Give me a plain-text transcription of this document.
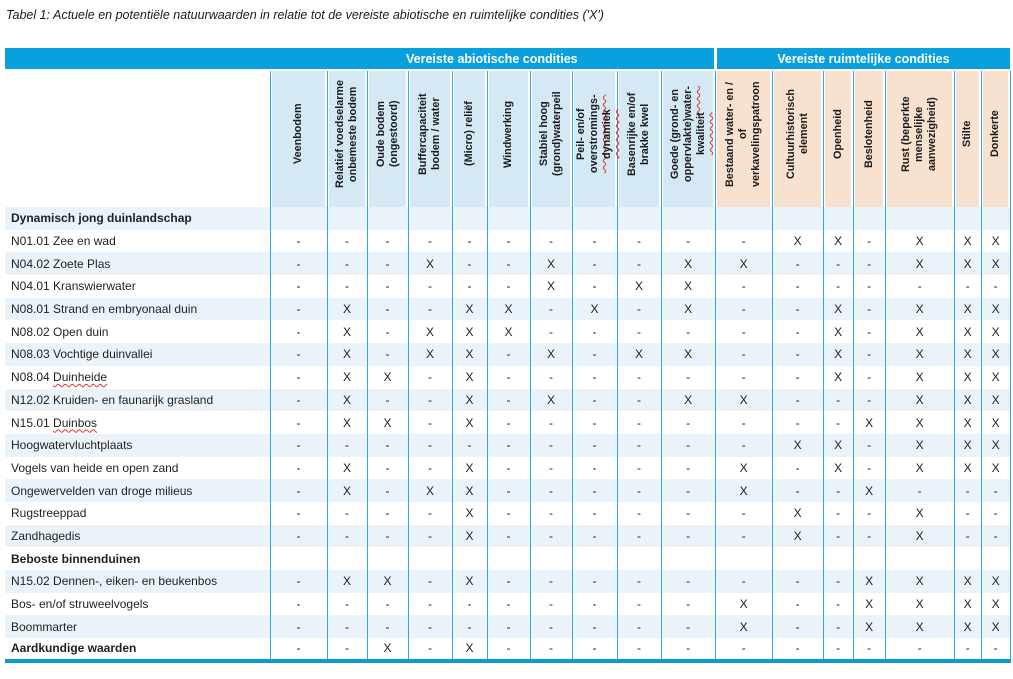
Tabel 1: Actuele en potentiële natuurwaarden in relatie tot de vereiste abiotische en ruimtelijke condities ('X')

	Vereiste abiotische condities										Vereiste ruimtelijke condities						
	Veenbodem	Relatief voedselarme
onbemeste bodem	Oude bodem
(ongestoord)	Buffercapaciteit
bodem / water	(Micro) reliëf	Windwerking	Stabiel hoog
(grond)waterpeil	Peil- en/of
overstromings-
dynamiek	Basenrijke en/of
brakke kwel	Goede (grond- en
oppervlakte)water-
kwaliteit	Bestaand water- en /
of
verkavelingspatroon	Cultuurhistorisch
element	Openheid	Beslotenheid	Rust (beperkte
menselijke
aanwezigheid)	Stilte	Donkerte
Dynamisch jong duinlandschap																	
N01.01 Zee en wad	-	-	-	-	-	-	-	-	-	-	-	X	X	-	X	X	X
N04.02 Zoete Plas	-	-	-	X	-	-	X	-	-	X	X	-	-	-	X	X	X
N04.01 Kranswierwater	-	-	-	-	-	-	X	-	X	X	-	-	-	-	-	-	-
N08.01 Strand en embryonaal duin	-	X	-	-	X	X	-	X	-	X	-	-	X	-	X	X	X
N08.02 Open duin	-	X	-	X	X	X	-	-	-	-	-	-	X	-	X	X	X
N08.03 Vochtige duinvallei	-	X	-	X	X	-	X	-	X	X	-	-	X	-	X	X	X
N08.04 Duinheide	-	X	X	-	X	-	-	-	-	-	-	-	X	-	X	X	X
N12.02 Kruiden- en faunarijk grasland	-	X	-	-	X	-	X	-	-	X	X	-	-	-	X	X	X
N15.01 Duinbos	-	X	X	-	X	-	-	-	-	-	-	-	-	X	X	X	X
Hoogwatervluchtplaats	-	-	-	-	-	-	-	-	-	-	-	X	X	-	X	X	X
Vogels van heide en open zand	-	X	-	-	X	-	-	-	-	-	X	-	X	-	X	X	X
Ongewervelden van droge milieus	-	X	-	X	X	-	-	-	-	-	X	-	-	X	-	-	-
Rugstreeppad	-	-	-	-	X	-	-	-	-	-	-	X	-	-	X	-	-
Zandhagedis	-	-	-	-	X	-	-	-	-	-	-	X	-	-	X	-	-
Beboste binnenduinen																	
N15.02 Dennen-, eiken- en beukenbos	-	X	X	-	X	-	-	-	-	-	-	-	-	X	X	X	X
Bos- en/of struweelvogels	-	-	-	-	-	-	-	-	-	-	X	-	-	X	X	X	X
Boommarter	-	-	-	-	-	-	-	-	-	-	X	-	-	X	X	X	X
Aardkundige waarden	-	-	X	-	X	-	-	-	-	-	-	-	-	-	-	-	-
